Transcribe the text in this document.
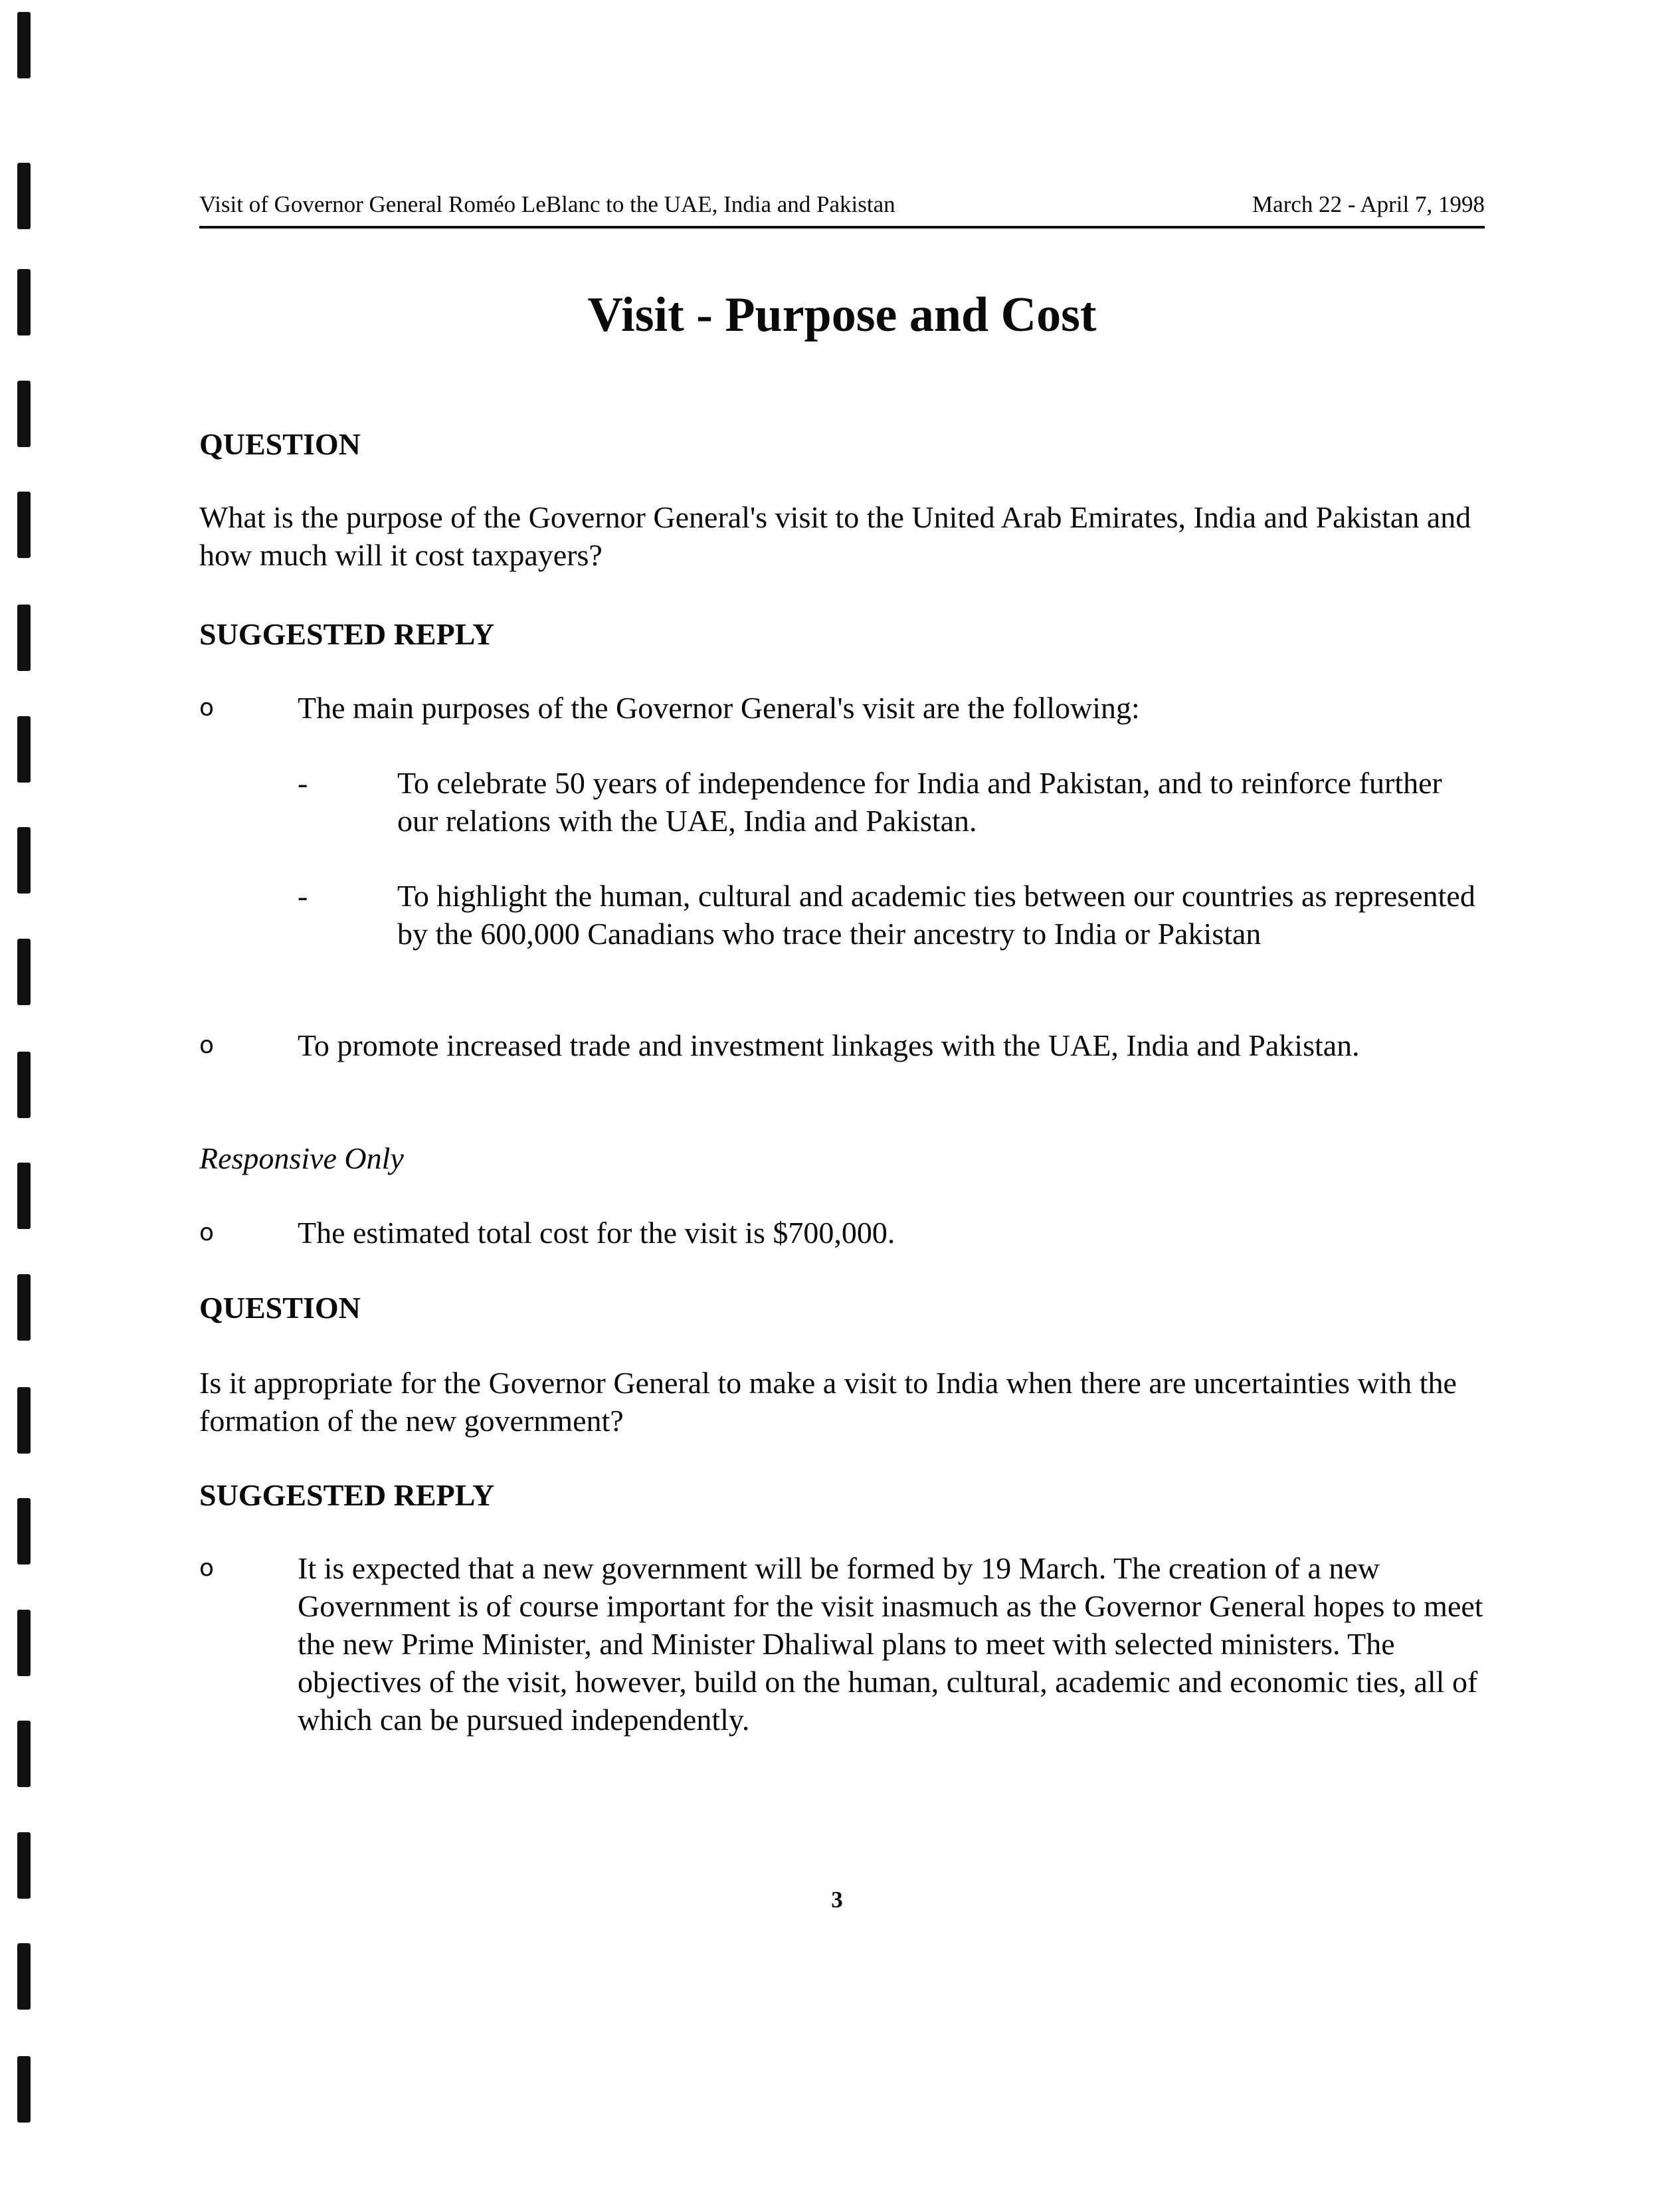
Visit of Governor General Roméo LeBlanc to the UAE, India and Pakistan	March 22 - April 7, 1998
Visit - Purpose and Cost
QUESTION
What is the purpose of the Governor General's visit to the United Arab Emirates, India and Pakistan and how much will it cost taxpayers?
SUGGESTED REPLY
o	The main purposes of the Governor General's visit are the following:
-	To celebrate 50 years of independence for India and Pakistan, and to reinforce further our relations with the UAE, India and Pakistan.
-	To highlight the human, cultural and academic ties between our countries as represented by the 600,000 Canadians who trace their ancestry to India or Pakistan
o	To promote increased trade and investment linkages with the UAE, India and Pakistan.
Responsive Only
o	The estimated total cost for the visit is $700,000.
QUESTION
Is it appropriate for the Governor General to make a visit to India when there are uncertainties with the formation of the new government?
SUGGESTED REPLY
o	It is expected that a new government will be formed by 19 March. The creation of a new Government is of course important for the visit inasmuch as the Governor General hopes to meet the new Prime Minister, and Minister Dhaliwal plans to meet with selected ministers. The objectives of the visit, however, build on the human, cultural, academic and economic ties, all of which can be pursued independently.
3
